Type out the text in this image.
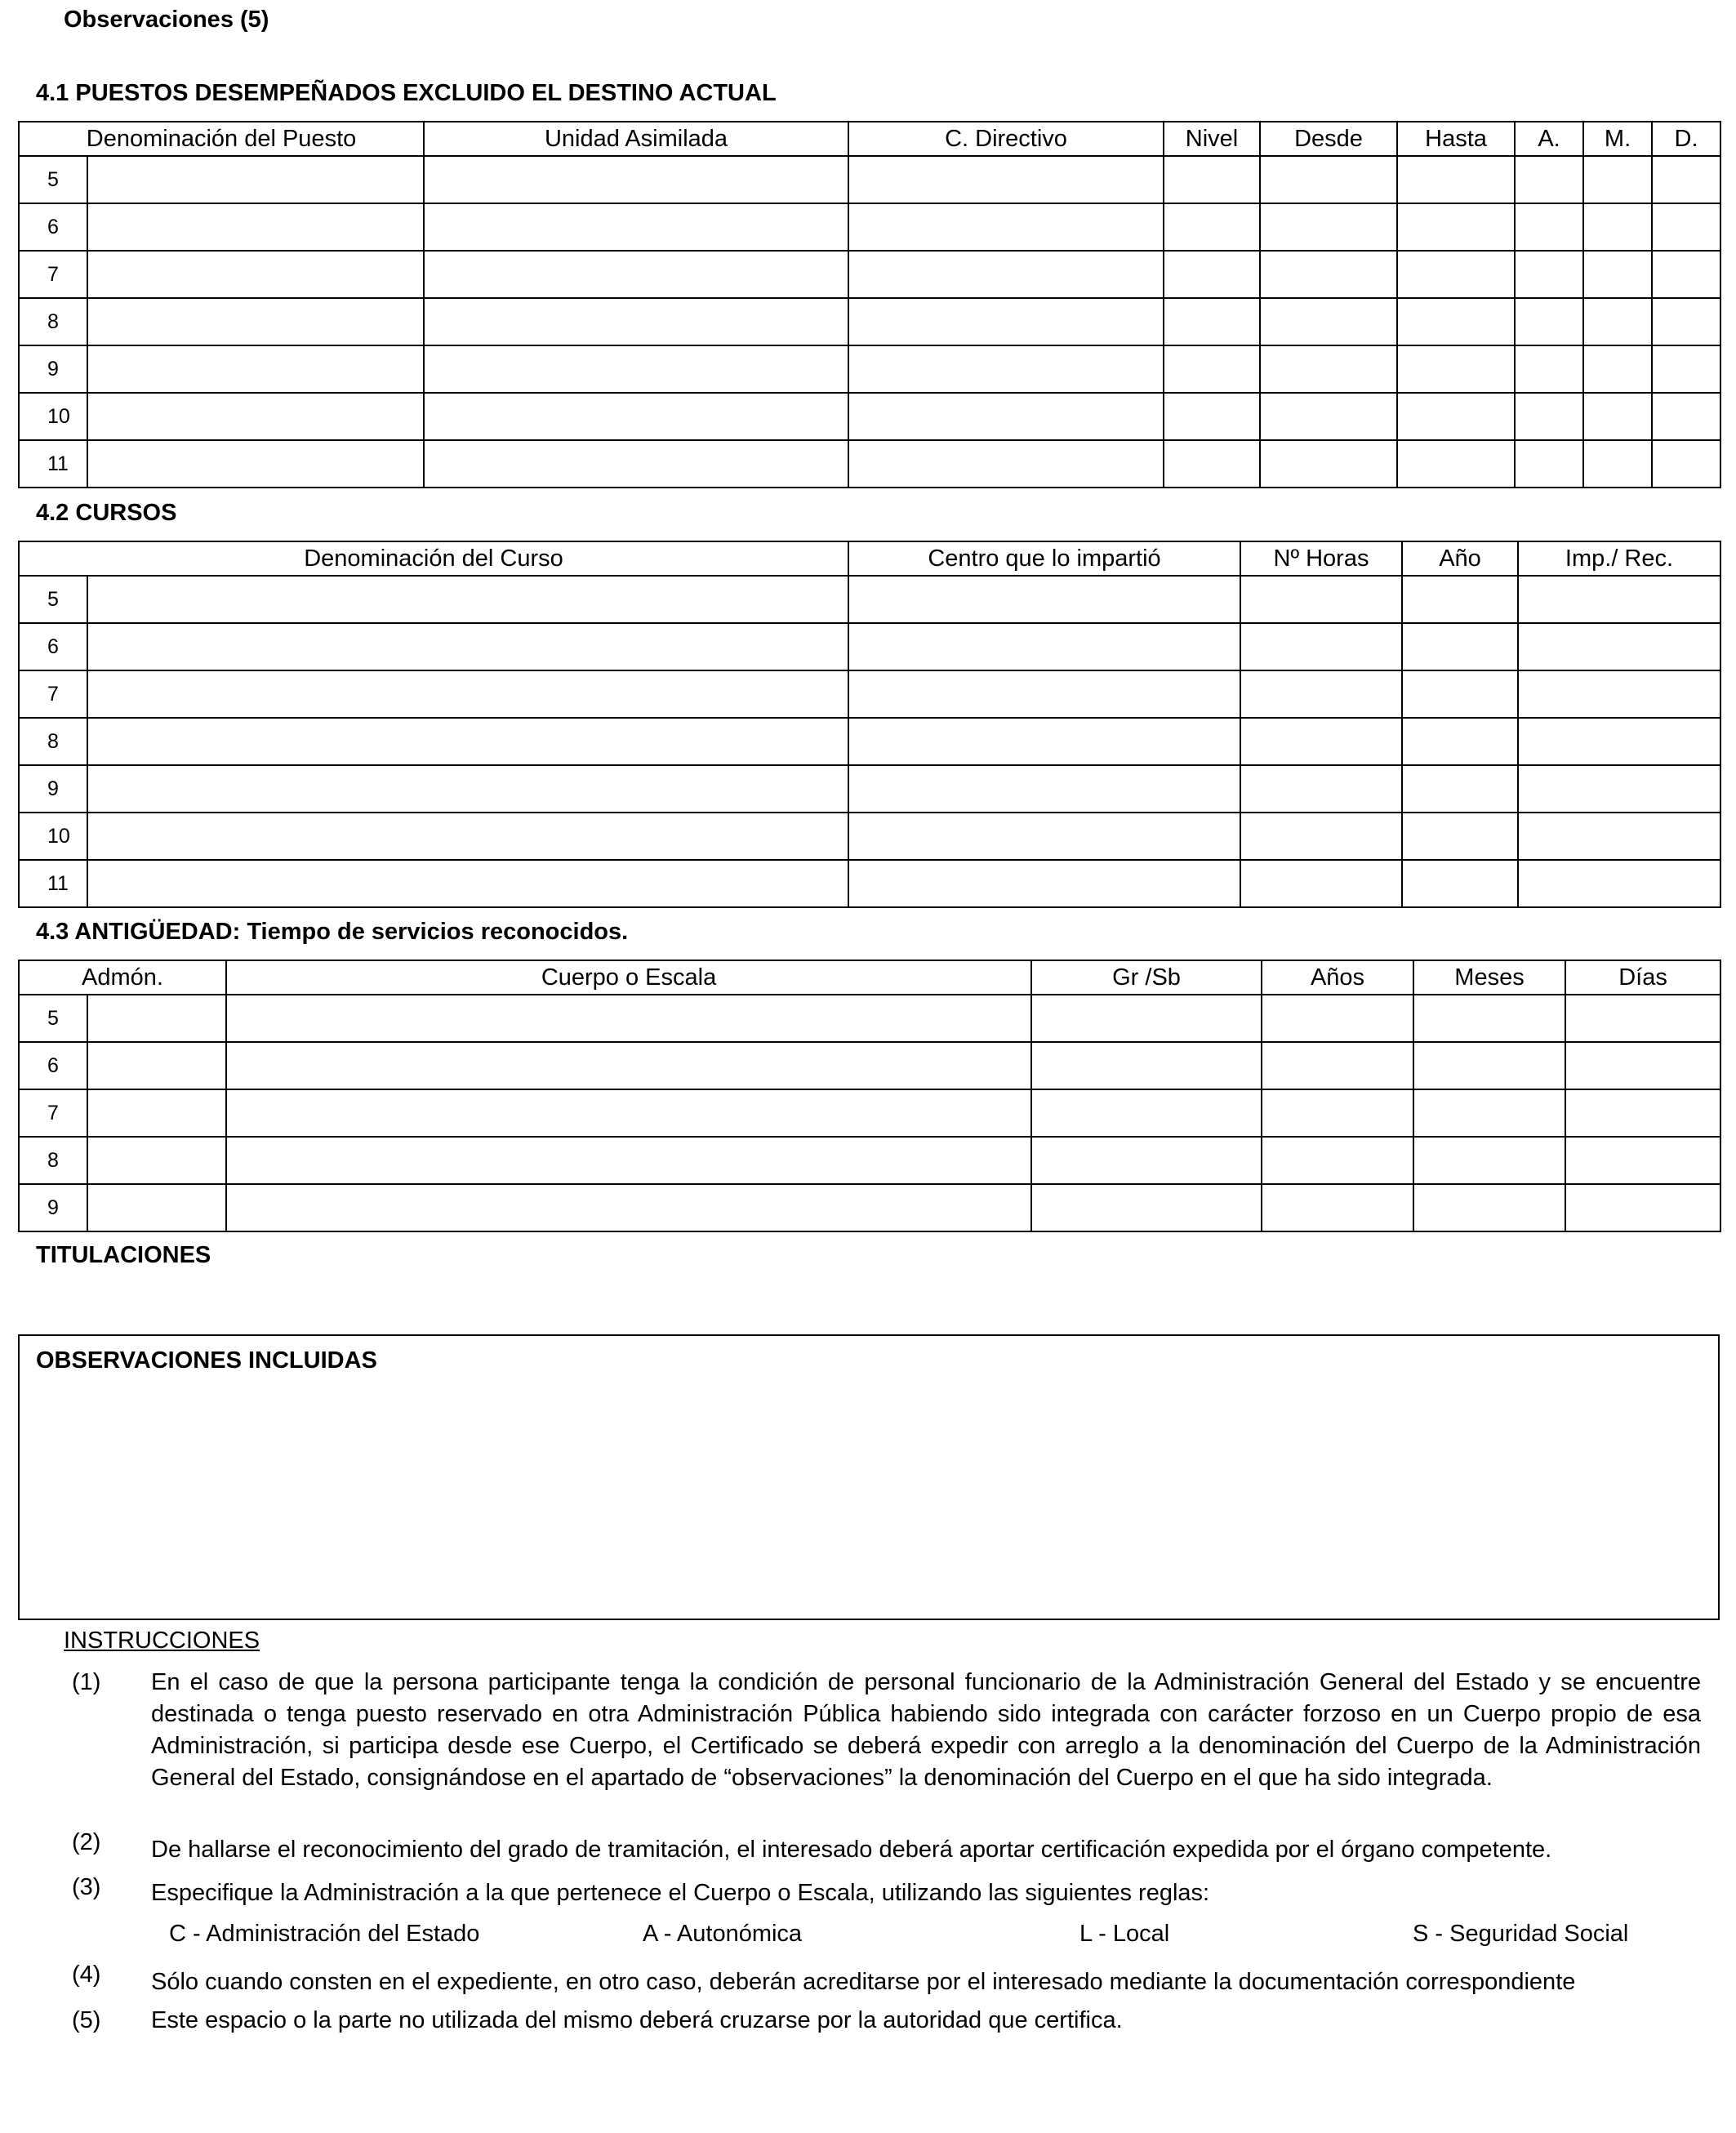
Observaciones (5)
4.1 PUESTOS DESEMPEÑADOS EXCLUIDO EL DESTINO ACTUAL
Denominación del Puesto		Unidad Asimilada	C. Directivo	Nivel	Desde	Hasta	A.	M.	D.
5									
6									
7									
8									
9									
10									
11									
4.2 CURSOS
Denominación del Curso		Centro que lo impartió	Nº Horas	Año	Imp./ Rec.
5					
6					
7					
8					
9					
10					
11					
4.3 ANTIGÜEDAD: Tiempo de servicios reconocidos.
Admón.		Cuerpo o Escala	Gr /Sb	Años	Meses	Días
5						
6						
7						
8						
9						
TITULACIONES
OBSERVACIONES INCLUIDAS
INSTRUCCIONES
(1)	En el caso de que la persona participante tenga la condición de personal funcionario de la Administración General del Estado y se encuentre destinada o tenga puesto reservado en otra Administración Pública habiendo sido integrada con carácter forzoso en un Cuerpo propio de esa Administración, si participa desde ese Cuerpo, el Certificado se deberá expedir con arreglo a la denominación del Cuerpo de la Administración General del Estado, consignándose en el apartado de “observaciones” la denominación del Cuerpo en el que ha sido integrada.
(2)	De hallarse el reconocimiento del grado de tramitación, el interesado deberá aportar certificación expedida por el órgano competente.
(3)	Especifique la Administración a la que pertenece el Cuerpo o Escala, utilizando las siguientes reglas:
(4)	Sólo cuando consten en el expediente, en otro caso, deberán acreditarse por el interesado mediante la documentación correspondiente
(5)	Este espacio o la parte no utilizada del mismo deberá cruzarse por la autoridad que certifica.
C - Administración del Estado	A - Autonómica	L - Local	S - Seguridad Social
